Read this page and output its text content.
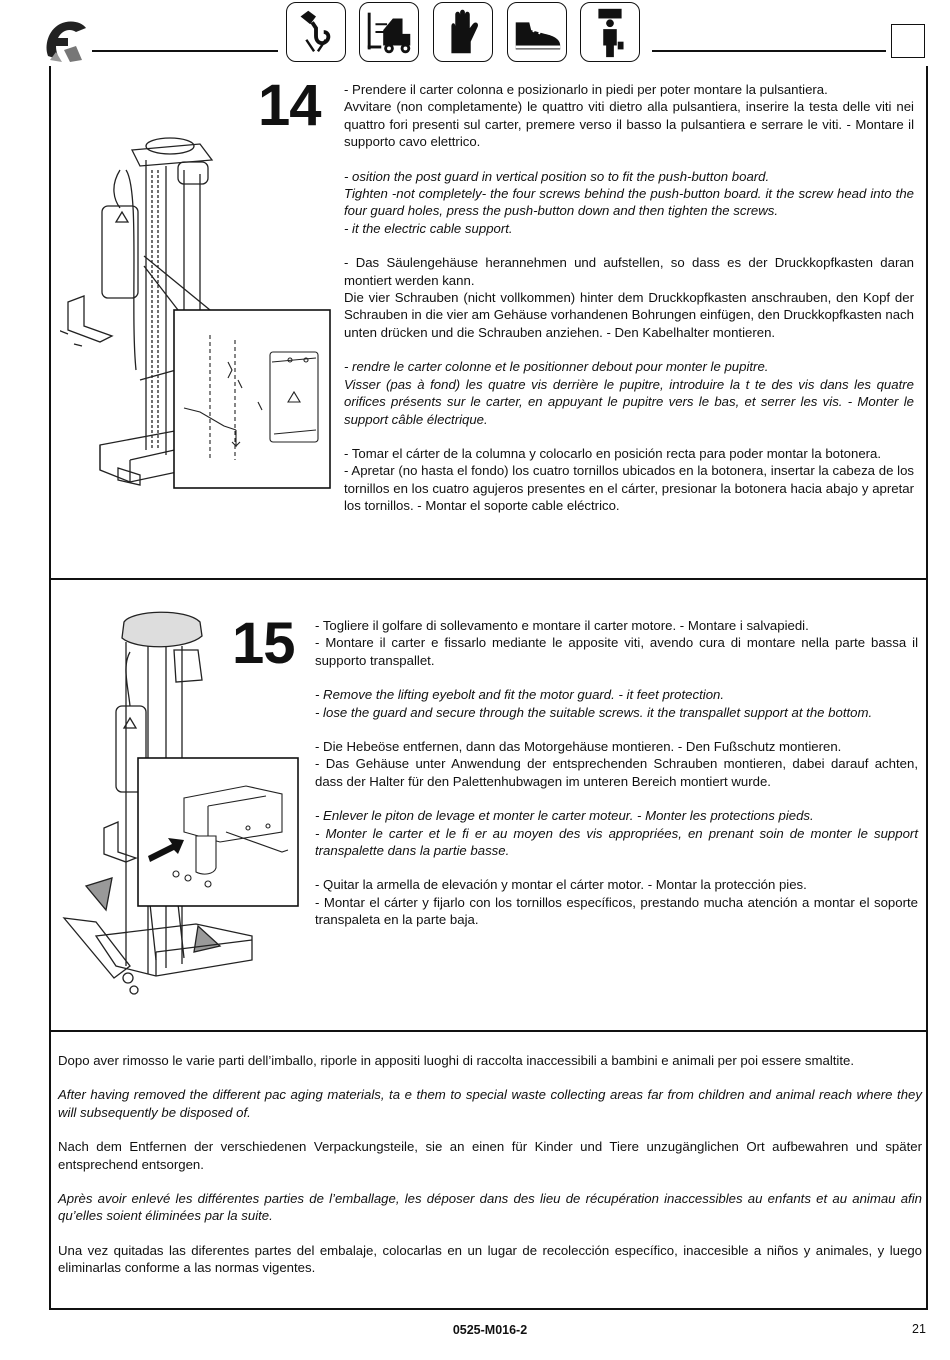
14 - Prendere il carter colonna e posizionarlo in piedi per poter montare la pulsantiera.

Avvitare (non completamente) le quattro viti dietro alla pulsantiera, inserire la testa delle viti nei quattro fori presenti sul carter, premere verso il basso la pulsantiera e serrare le viti. - Montare il supporto cavo elettrico.

- osition the post guard in vertical position so to fit the push-button board.

Tighten -not completely- the four screws behind the push-button board. it the screw head into the four guard holes, press the push-button down and then tighten the screws.

- it the electric cable support.

- Das Säulengehäuse herannehmen und aufstellen, so dass es der Druckkopfkasten daran montiert werden kann.

Die vier Schrauben (nicht vollkommen) hinter dem Druckkopfkasten anschrauben, den Kopf der Schrauben in die vier am Gehäuse vorhandenen Bohrungen einfügen, den Druckkopfkasten nach unten drücken und die Schrauben anziehen. - Den Kabelhalter montieren.

- rendre le carter colonne et le positionner debout pour monter le pupitre.

Visser (pas à fond) les quatre vis derrière le pupitre, introduire la t te des vis dans les quatre orifices présents sur le carter, en appuyant le pupitre vers le bas, et serrer les vis. - Monter le support câble électrique.

- Tomar el cárter de la columna y colocarlo en posición recta para poder montar la botonera.

- Apretar (no hasta el fondo) los cuatro tornillos ubicados en la botonera, insertar la cabeza de los tornillos en los cuatro agujeros presentes en el cárter, presionar la botonera hacia abajo y apretar los tornillos. - Montar el soporte cable eléctrico.

15 - Togliere il golfare di sollevamento e montare il carter motore. - Montare i salvapiedi.

- Montare il carter e fissarlo mediante le apposite viti, avendo cura di montare nella parte bassa il supporto transpallet.

- Remove the lifting eyebolt and fit the motor guard. - it feet protection.

- lose the guard and secure through the suitable screws. it the transpallet support at the bottom.

- Die Hebeöse entfernen, dann das Motorgehäuse montieren. - Den Fußschutz montieren.

- Das Gehäuse unter Anwendung der entsprechenden Schrauben montieren, dabei darauf achten, dass der Halter für den Palettenhubwagen im unteren Bereich montiert wurde.

- Enlever le piton de levage et monter le carter moteur. - Monter les protections pieds.

- Monter le carter et le fi er au moyen des vis appropriées, en prenant soin de monter le support transpalette dans la partie basse.

- Quitar la armella de elevación y montar el cárter motor. - Montar la protección pies.

- Montar el cárter y fijarlo con los tornillos específicos, prestando mucha atención a montar el soporte transpaleta en la parte baja.

Dopo aver rimosso le varie parti dell’imballo, riporle in appositi luoghi di raccolta inaccessibili a bambini e animali per poi essere smaltite.

After having removed the different pac aging materials, ta e them to special waste collecting areas far from children and animal reach where they will subsequently be disposed of.

Nach dem Entfernen der verschiedenen Verpackungsteile, sie an einen für Kinder und Tiere unzugänglichen Ort aufbewahren und später entsprechend entsorgen.

Après avoir enlevé les différentes parties de l’emballage, les déposer dans des lieu de récupération inaccessibles au enfants et au animau afin qu’elles soient éliminées par la suite.

Una vez quitadas las diferentes partes del embalaje, colocarlas en un lugar de recolección específico, inaccesible a niños y animales, y luego eliminarlas conforme a las normas vigentes.

0525-M016-2	21
